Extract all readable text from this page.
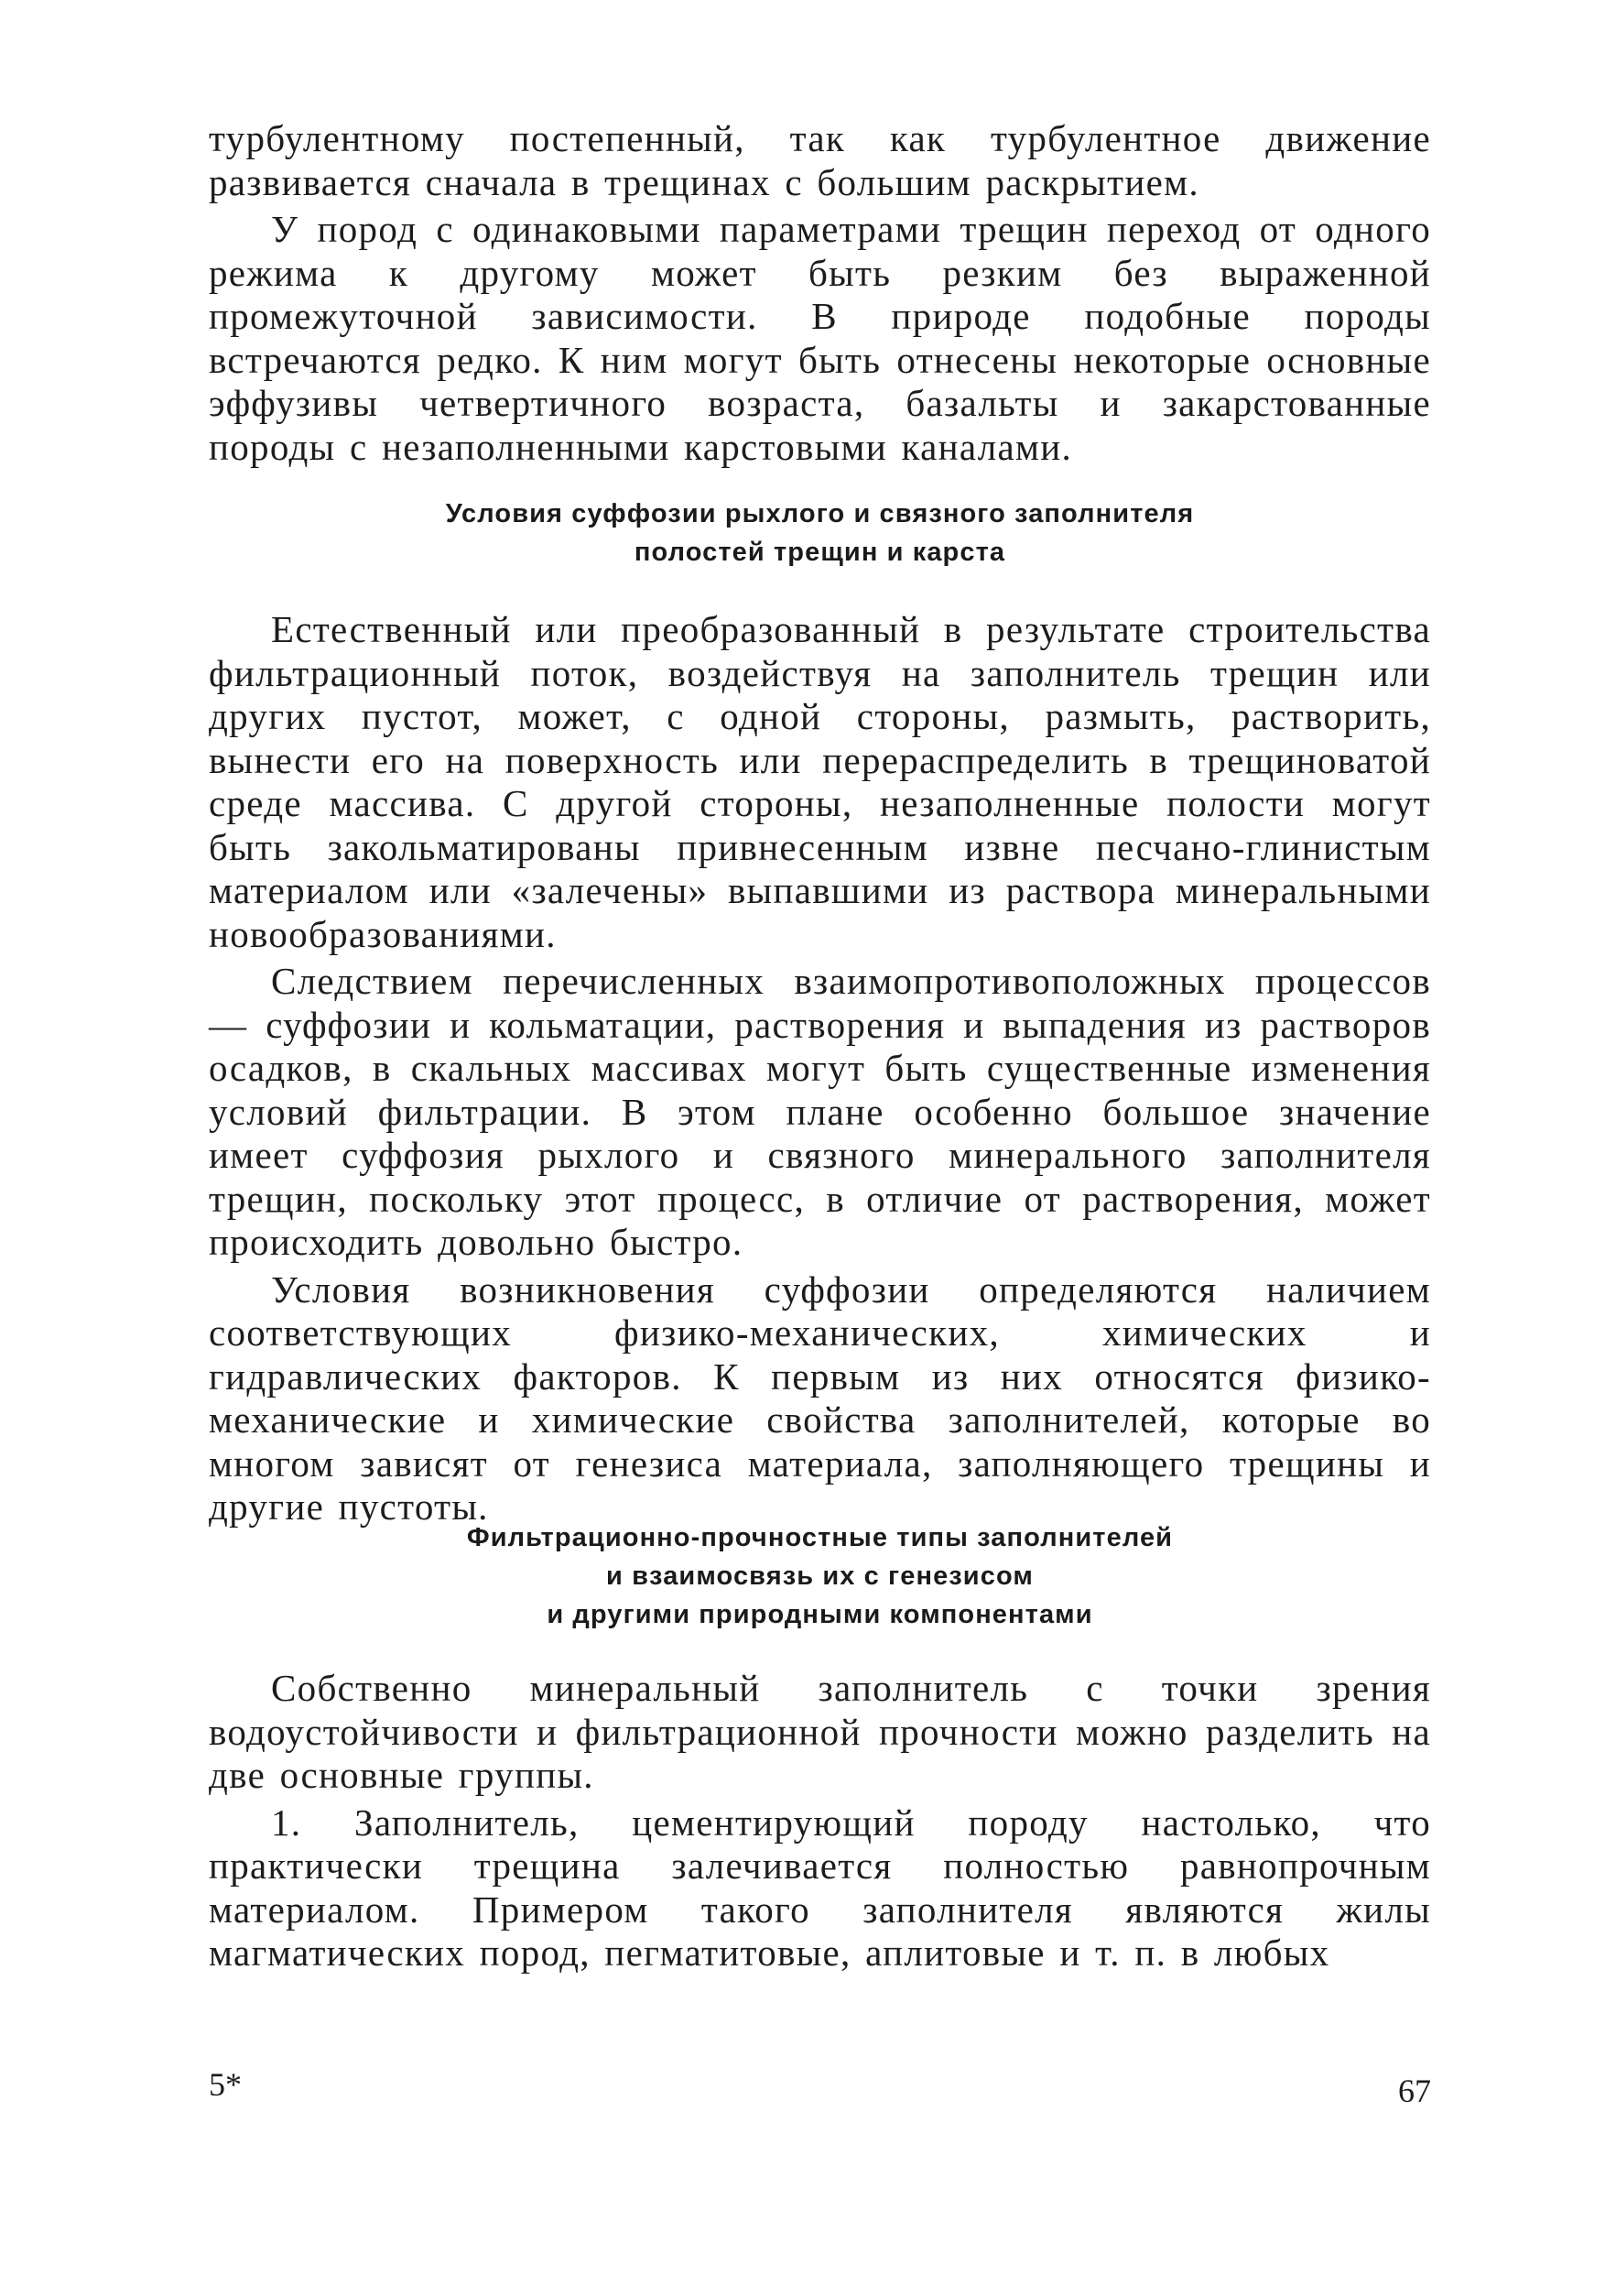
турбулентному постепенный, так как турбулентное движение развивается сначала в трещинах с большим раскрытием.

У пород с одинаковыми параметрами трещин переход от одного режима к другому может быть резким без выраженной промежуточной зависимости. В природе подобные породы встречаются редко. К ним могут быть отнесены некоторые основные эффузивы четвертичного возраста, базальты и закарстованные породы с незаполненными карстовыми каналами.

Условия суффозии рыхлого и связного заполнителя
полостей трещин и карста

Естественный или преобразованный в результате строительства фильтрационный поток, воздействуя на заполнитель трещин или других пустот, может, с одной стороны, размыть, растворить, вынести его на поверхность или перераспределить в трещиноватой среде массива. С другой стороны, незаполненные полости могут быть закольматированы привнесенным извне песчано-глинистым материалом или «залечены» выпавшими из раствора минеральными новообразованиями.

Следствием перечисленных взаимопротивоположных процессов — суффозии и кольматации, растворения и выпадения из растворов осадков, в скальных массивах могут быть существенные изменения условий фильтрации. В этом плане особенно большое значение имеет суффозия рыхлого и связного минерального заполнителя трещин, поскольку этот процесс, в отличие от растворения, может происходить довольно быстро.

Условия возникновения суффозии определяются наличием соответствующих физико-механических, химических и гидравлических факторов. К первым из них относятся физико-механические и химические свойства заполнителей, которые во многом зависят от генезиса материала, заполняющего трещины и другие пустоты.

Фильтрационно-прочностные типы заполнителей
и взаимосвязь их с генезисом
и другими природными компонентами

Собственно минеральный заполнитель с точки зрения водоустойчивости и фильтрационной прочности можно разделить на две основные группы.

1. Заполнитель, цементирующий породу настолько, что практически трещина залечивается полностью равнопрочным материалом. Примером такого заполнителя являются жилы магматических пород, пегматитовые, аплитовые и т. п. в любых

5*	67
